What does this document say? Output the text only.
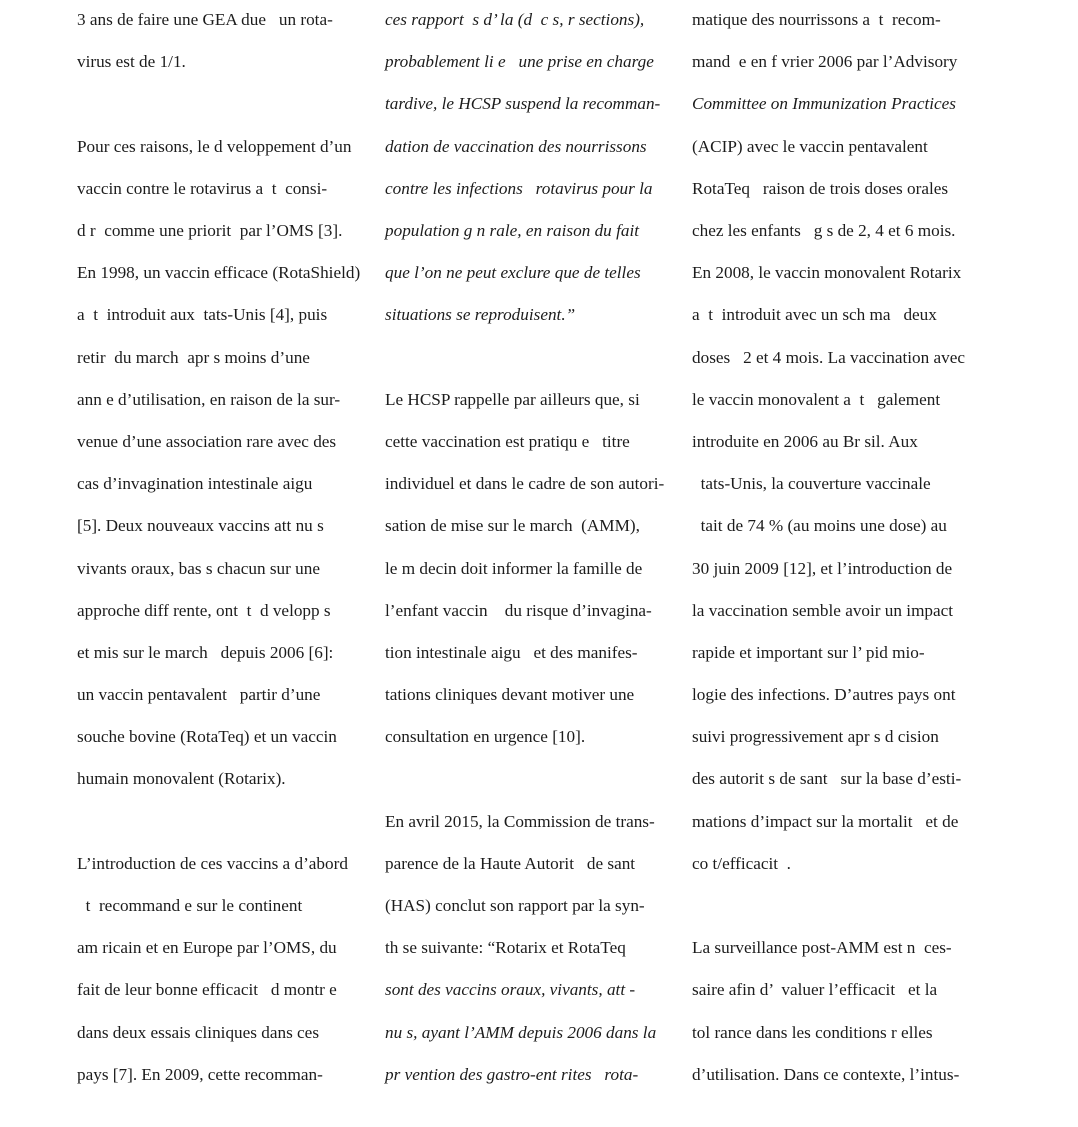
3 ans de faire une GEA due   un rota-

virus est de 1/1.

Pour ces raisons, le d veloppement d’un

vaccin contre le rotavirus a  t  consi-

d r  comme une priorit  par l’OMS [3].

En 1998, un vaccin efficace (RotaShield)

a  t  introduit aux  tats-Unis [4], puis

retir  du march  apr s moins d’une

ann e d’utilisation, en raison de la sur-

venue d’une association rare avec des

cas d’invagination intestinale aigu

[5]. Deux nouveaux vaccins att nu s

vivants oraux, bas s chacun sur une

approche diff rente, ont  t  d velopp s

et mis sur le march   depuis 2006 [6]:

un vaccin pentavalent   partir d’une

souche bovine (RotaTeq) et un vaccin

humain monovalent (Rotarix).

L’introduction de ces vaccins a d’abord

t  recommand e sur le continent

am ricain et en Europe par l’OMS, du

fait de leur bonne efficacit   d montr e

dans deux essais cliniques dans ces

pays [7]. En 2009, cette recomman-

ces rapport  s d’ la (d  c s, r sections),

probablement li e   une prise en charge

tardive, le HCSP suspend la recomman-

dation de vaccination des nourrissons

contre les infections   rotavirus pour la

population g n rale, en raison du fait

que l’on ne peut exclure que de telles

situations se reproduisent.”

Le HCSP rappelle par ailleurs que, si

cette vaccination est pratiqu e   titre

individuel et dans le cadre de son autori-

sation de mise sur le march  (AMM),

le m decin doit informer la famille de

l’enfant vaccin    du risque d’invagina-

tion intestinale aigu   et des manifes-

tations cliniques devant motiver une

consultation en urgence [10].

En avril 2015, la Commission de trans-

parence de la Haute Autorit   de sant

(HAS) conclut son rapport par la syn-

th se suivante: “Rotarix et RotaTeq

sont des vaccins oraux, vivants, att -

nu s, ayant l’AMM depuis 2006 dans la

pr vention des gastro-ent rites   rota-

matique des nourrissons a  t  recom-

mand  e en f vrier 2006 par l’Advisory

Committee on Immunization Practices

(ACIP) avec le vaccin pentavalent

RotaTeq   raison de trois doses orales

chez les enfants   g s de 2, 4 et 6 mois.

En 2008, le vaccin monovalent Rotarix

a  t  introduit avec un sch ma   deux

doses   2 et 4 mois. La vaccination avec

le vaccin monovalent a  t   galement

introduite en 2006 au Br sil. Aux

tats-Unis, la couverture vaccinale

tait de 74 % (au moins une dose) au

30 juin 2009 [12], et l’introduction de

la vaccination semble avoir un impact

rapide et important sur l’ pid mio-

logie des infections. D’autres pays ont

suivi progressivement apr s d cision

des autorit s de sant   sur la base d’esti-

mations d’impact sur la mortalit   et de

co t/efficacit  .

La surveillance post-AMM est n  ces-

saire afin d’  valuer l’efficacit   et la

tol rance dans les conditions r elles

d’utilisation. Dans ce contexte, l’intus-
